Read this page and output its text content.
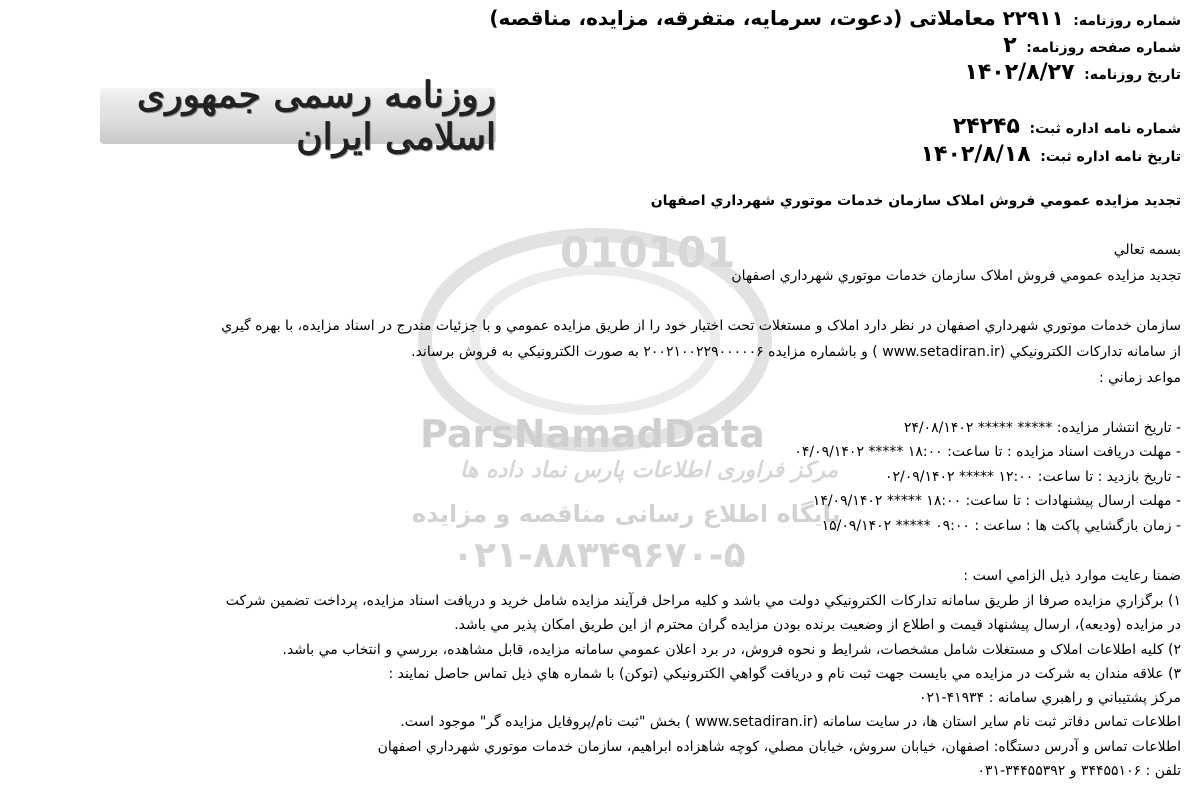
010101
ParsNamadData
مرکز فراوری اطلاعات پارس نماد داده ها
پایگاه اطلاع رسانی مناقصه و مزایده
۰۲۱-۸۸۳۴۹۶۷۰-۵
شماره روزنامه: ۲۲۹۱۱ معاملاتی (دعوت، سرمایه، متفرقه، مزایده، مناقصه)
شماره صفحه روزنامه: ۲
تاریخ روزنامه: ۱۴۰۲/۸/۲۷
شماره نامه اداره ثبت: ۲۴۲۴۵
تاریخ نامه اداره ثبت: ۱۴۰۲/۸/۱۸
روزنامه رسمی جمهوری اسلامی ایران
تجديد مزايده عمومي فروش املاک سازمان خدمات موتوري شهرداري اصفهان
بسمه تعالي
تجديد مزايده عمومي فروش املاک سازمان خدمات موتوري شهرداري اصفهان
سازمان خدمات موتوري شهرداري اصفهان در نظر دارد املاک و مستغلات تحت اختيار خود را از طريق مزايده عمومي و با جزئيات مندرج در اسناد مزايده، با بهره گيري
از سامانه تدارکات الکترونيکي (www.setadiran.ir ) و باشماره مزايده ۲۰۰۲۱۰۰۲۲۹۰۰۰۰۰۶ به صورت الکترونيکي به فروش برساند.
مواعد زماني :
- تاريخ انتشار مزايده: ***** ***** ۲۴/۰۸/۱۴۰۲
- مهلت دريافت اسناد مزايده : تا ساعت: ۱۸:۰۰ ***** ۰۴/۰۹/۱۴۰۲
- تاريخ بازديد : تا ساعت: ۱۲:۰۰ ***** ۰۲/۰۹/۱۴۰۲
- مهلت ارسال پيشنهادات : تا ساعت: ۱۸:۰۰ ***** ۱۴/۰۹/۱۴۰۲
- زمان بازگشايي پاکت ها : ساعت : ۰۹:۰۰ ***** ۱۵/۰۹/۱۴۰۲
ضمنا رعايت موارد ذيل الزامي است :
۱) برگزاري مزايده صرفا از طريق سامانه تدارکات الکترونيکي دولت مي باشد و کليه مراحل فرآيند مزايده شامل خريد و دريافت اسناد مزايده، پرداخت تضمين شرکت
در مزايده (وديعه)، ارسال پيشنهاد قيمت و اطلاع از وضعيت برنده بودن مزايده گران محترم از اين طريق امکان پذير مي باشد.
۲) کليه اطلاعات املاک و مستغلات شامل مشخصات، شرايط و نحوه فروش، در برد اعلان عمومي سامانه مزايده، قابل مشاهده، بررسي و انتخاب مي باشد.
۳) علاقه مندان به شرکت در مزايده مي بايست جهت ثبت نام و دريافت گواهي الکترونيکي (توکن) با شماره هاي ذيل تماس حاصل نمايند :
مرکز پشتيباني و راهبري سامانه : ۴۱۹۳۴-۰۲۱
اطلاعات تماس دفاتر ثبت نام ساير استان ها، در سايت سامانه (www.setadiran.ir ) بخش "ثبت نام/پروفايل مزايده گر" موجود است.
اطلاعات تماس و آدرس دستگاه: اصفهان، خيابان سروش، خيابان مصلي، کوچه شاهزاده ابراهيم، سازمان خدمات موتوري شهرداري اصفهان
تلفن : ۳۴۴۵۵۱۰۶ و ۳۴۴۵۵۳۹۲-۰۳۱
